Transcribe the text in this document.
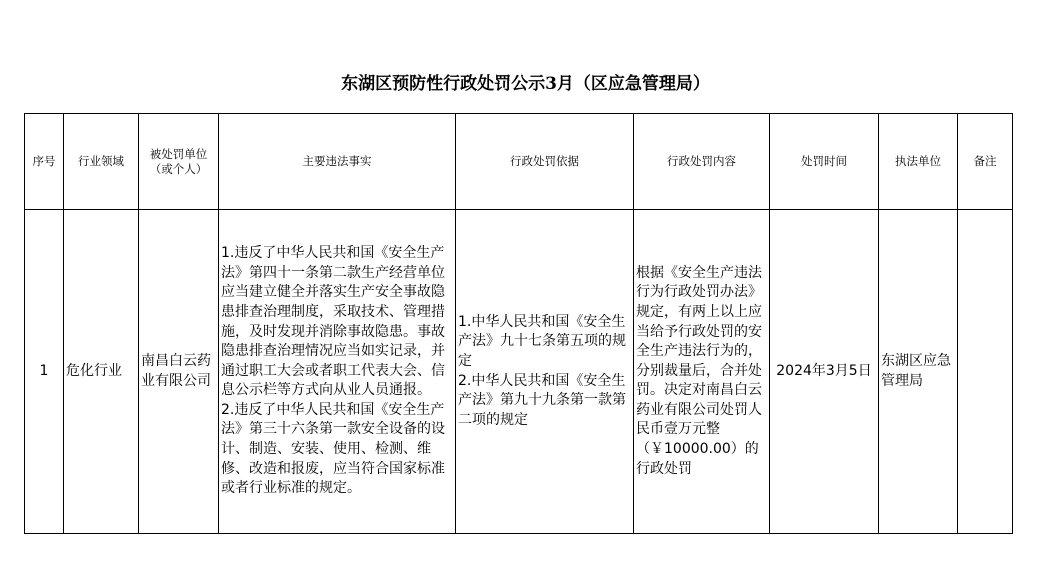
东湖区预防性行政处罚公示3月（区应急管理局）
序号	行业领域	被处罚单位
（或个人）	主要违法事实	行政处罚依据	行政处罚内容	处罚时间	执法单位	备注
1	危化行业	南昌白云药业有限公司	1.违反了中华人民共和国《安全生产法》第四十一条第二款生产经营单位应当建立健全并落实生产安全事故隐患排查治理制度，采取技术、管理措施，及时发现并消除事故隐患。事故隐患排查治理情况应当如实记录，并通过职工大会或者职工代表大会、信息公示栏等方式向从业人员通报。
2.违反了中华人民共和国《安全生产法》第三十六条第一款安全设备的设计、制造、安装、使用、检测、维修、改造和报废，应当符合国家标准或者行业标准的规定。	1.中华人民共和国《安全生产法》九十七条第五项的规定
2.中华人民共和国《安全生产法》第九十九条第一款第二项的规定	根据《安全生产违法行为行政处罚办法》规定，有两上以上应当给予行政处罚的安全生产违法行为的，分别裁量后，合并处罚。决定对南昌白云药业有限公司处罚人民币壹万元整（￥10000.00）的行政处罚	2024年3月5日	东湖区应急管理局	
